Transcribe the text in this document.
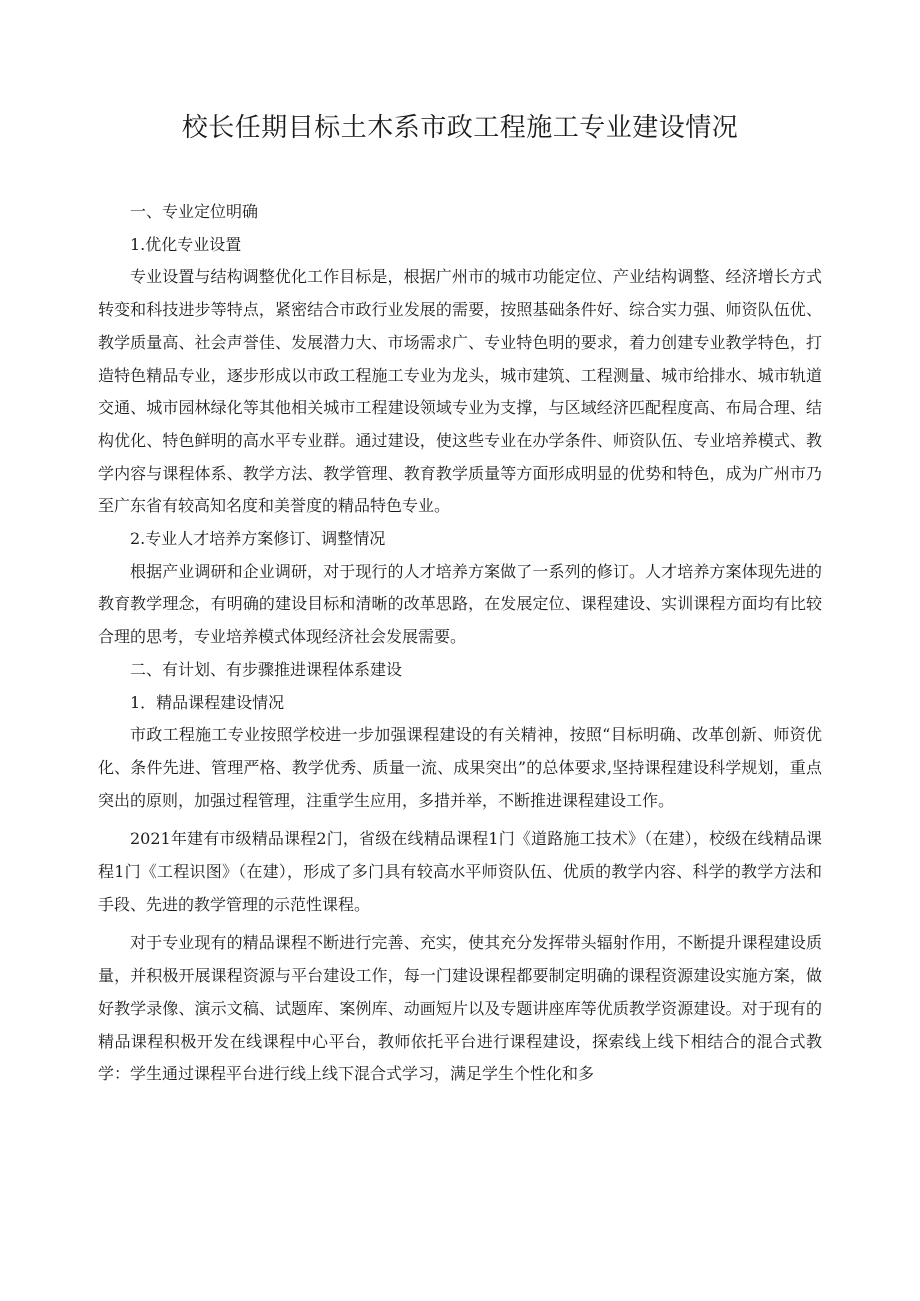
校长任期目标土木系市政工程施工专业建设情况

一、专业定位明确

1.优化专业设置

专业设置与结构调整优化工作目标是，根据广州市的城市功能定位、产业结构调整、经济增长方式转变和科技进步等特点，紧密结合市政行业发展的需要，按照基础条件好、综合实力强、师资队伍优、教学质量高、社会声誉佳、发展潜力大、市场需求广、专业特色明的要求，着力创建专业教学特色，打造特色精品专业，逐步形成以市政工程施工专业为龙头，城市建筑、工程测量、城市给排水、城市轨道交通、城市园林绿化等其他相关城市工程建设领域专业为支撑，与区域经济匹配程度高、布局合理、结构优化、特色鲜明的高水平专业群。通过建设，使这些专业在办学条件、师资队伍、专业培养模式、教学内容与课程体系、教学方法、教学管理、教育教学质量等方面形成明显的优势和特色，成为广州市乃至广东省有较高知名度和美誉度的精品特色专业。

2.专业人才培养方案修订、调整情况

根据产业调研和企业调研，对于现行的人才培养方案做了一系列的修订。人才培养方案体现先进的教育教学理念，有明确的建设目标和清晰的改革思路，在发展定位、课程建设、实训课程方面均有比较合理的思考，专业培养模式体现经济社会发展需要。

二、有计划、有步骤推进课程体系建设

1．精品课程建设情况

市政工程施工专业按照学校进一步加强课程建设的有关精神，按照“目标明确、改革创新、师资优化、条件先进、管理严格、教学优秀、质量一流、成果突出”的总体要求,坚持课程建设科学规划，重点突出的原则，加强过程管理，注重学生应用，多措并举，不断推进课程建设工作。

2021年建有市级精品课程2门，省级在线精品课程1门《道路施工技术》（在建），校级在线精品课程1门《工程识图》（在建），形成了多门具有较高水平师资队伍、优质的教学内容、科学的教学方法和手段、先进的教学管理的示范性课程。

对于专业现有的精品课程不断进行完善、充实，使其充分发挥带头辐射作用，不断提升课程建设质量，并积极开展课程资源与平台建设工作，每一门建设课程都要制定明确的课程资源建设实施方案，做好教学录像、演示文稿、试题库、案例库、动画短片以及专题讲座库等优质教学资源建设。对于现有的精品课程积极开发在线课程中心平台，教师依托平台进行课程建设，探索线上线下相结合的混合式教学：学生通过课程平台进行线上线下混合式学习，满足学生个性化和多
